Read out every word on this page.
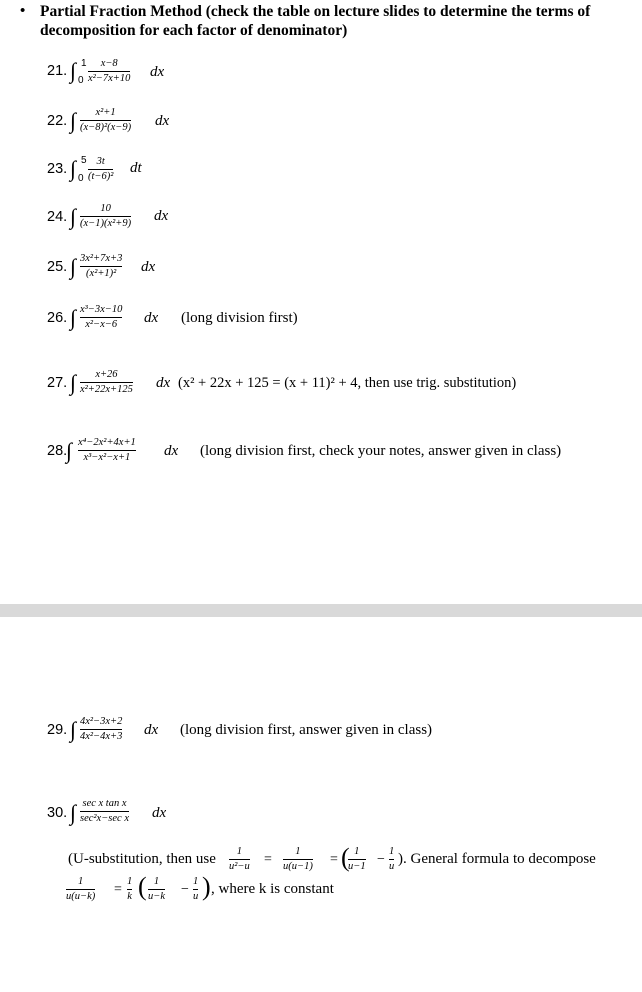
• Partial Fraction Method (check the table on lecture slides to determine the terms of decomposition for each factor of denominator)
21. ∫ 1
0
x−8
x²−7x+10 dx
22. ∫ x²+1
(x−8)²(x−9) dx
23. ∫ 5
0
3t
(t−6)²
dt
24. ∫ 10
(x−1)(x²+9) dx
25. ∫ 3x²+7x+3
(x²+1)² dx
26. ∫ x³−3x−10
x²−x−6 dx (long division first)
27. ∫ x+26
x²+22x+125 dx (x² + 22x + 125 = (x + 11)² + 4, then use trig. substitution)
28.
∫ x⁴−2x²+4x+1
x³−x²−x+1 dx (long division first, check your notes, answer given in class)
29. ∫ 4x²−3x+2
4x²−4x+3 dx (long division first, answer given in class)
30. ∫ sec x tan x
sec²x−sec x dx
(U-substitution, then use 1
u²−u =
1
u(u−1) = ( 1
u−1 −
1
u ). General formula to decompose
1
u(u−k) =
1
k ( 1
u−k −
1
u ) , where k is constant
